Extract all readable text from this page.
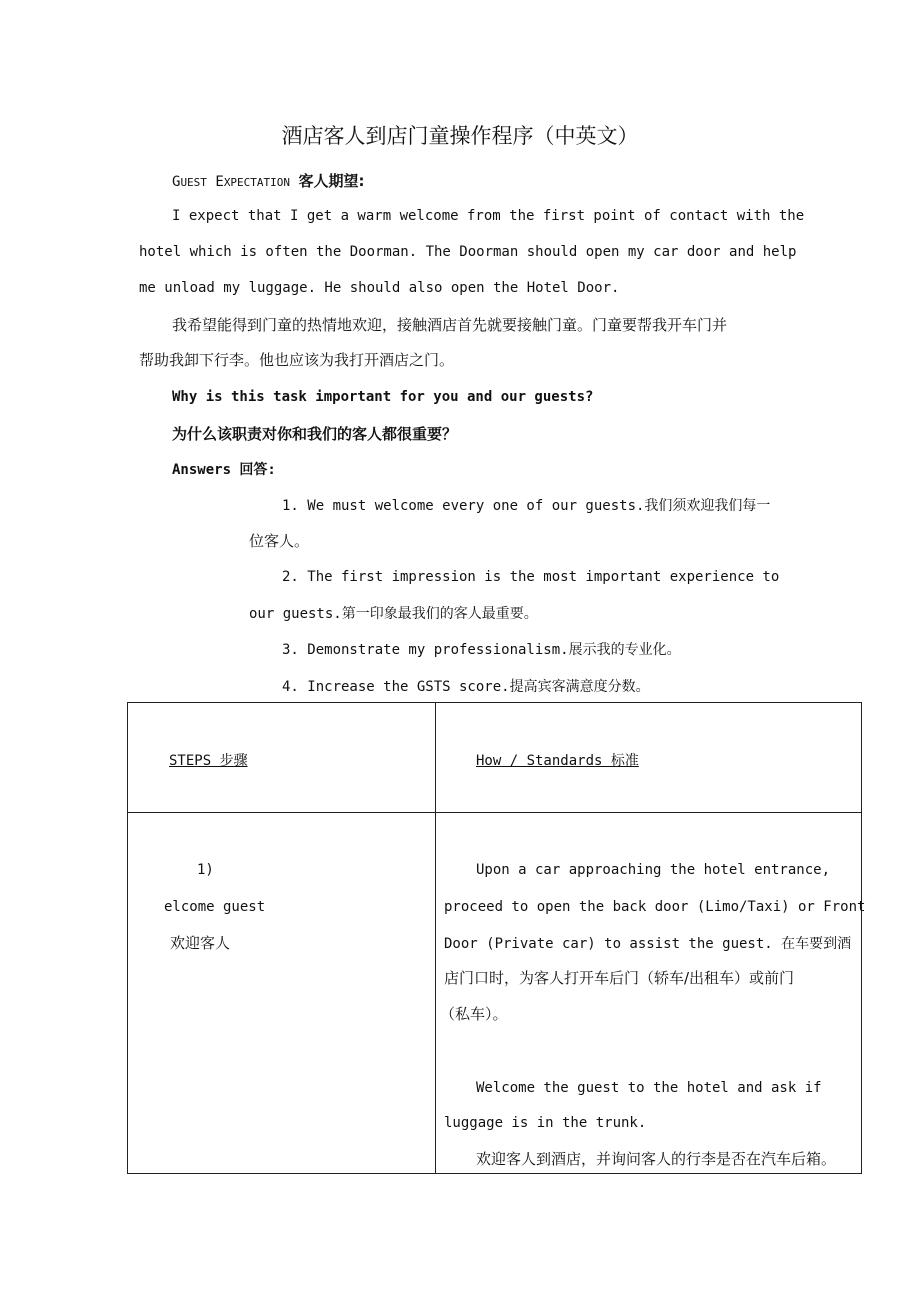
酒店客人到店门童操作程序（中英文）
GUEST EXPECTATION 客人期望:
I expect that I get a warm welcome from the first point of contact with the
hotel which is often the Doorman. The Doorman should open my car door and help
me unload my luggage. He should also open the Hotel Door.
我希望能得到门童的热情地欢迎，接触酒店首先就要接触门童。门童要帮我开车门并
帮助我卸下行李。他也应该为我打开酒店之门。
Why is this task important for you and our guests?
为什么该职责对你和我们的客人都很重要？
Answers 回答:
1. We must welcome every one of our guests.我们须欢迎我们每一
位客人。
2. The first impression is the most important experience to
our guests.第一印象最我们的客人最重要。
3. Demonstrate my professionalism.展示我的专业化。
4. Increase the GSTS score.提高宾客满意度分数。
STEPS 步骤	How / Standards 标准
1)
elcome guest
欢迎客人
Upon a car approaching the hotel entrance,
proceed to open the back door (Limo/Taxi) or Front
Door (Private car) to assist the guest. 在车要到酒
店门口时，为客人打开车后门（轿车/出租车）或前门
（私车）。
Welcome the guest to the hotel and ask if
luggage is in the trunk.
欢迎客人到酒店，并询问客人的行李是否在汽车后箱。
